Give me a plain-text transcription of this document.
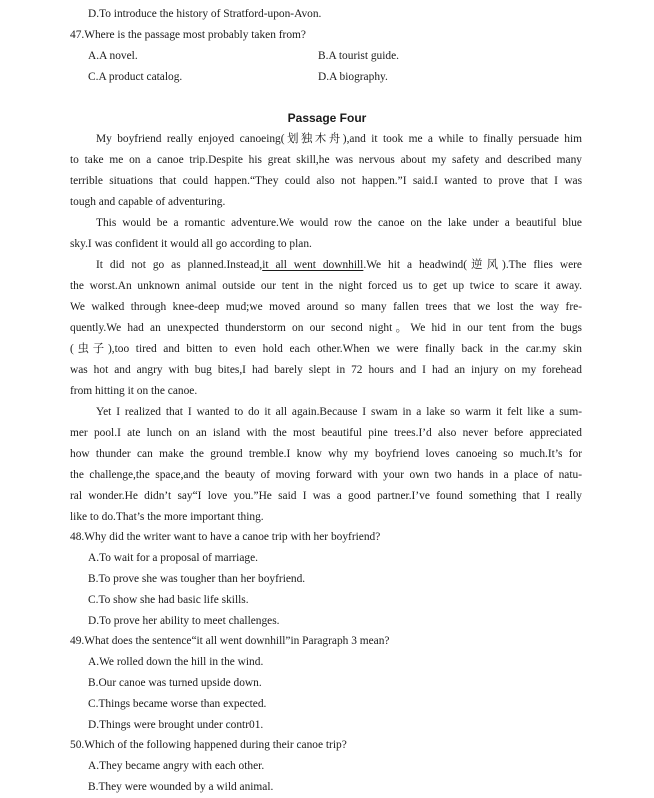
D.To introduce the history of Stratford-upon-Avon.
47.Where is the passage most probably taken from?
A.A novel.	B.A tourist guide.
C.A product catalog.	D.A biography.
Passage Four
My boyfriend really enjoyed canoeing(划独木舟),and it took me a while to finally persuade him
to take me on a canoe trip.Despite his great skill,he was nervous about my safety and described many
terrible situations that could happen.“They could also not happen.”I said.I wanted to prove that I was
tough and capable of adventuring.
This would be a romantic adventure.We would row the canoe on the lake under a beautiful blue
sky.I was confident it would all go according to plan.
It did not go as planned.Instead,it all went downhill.We hit a headwind(逆风).The flies were
the worst.An unknown animal outside our tent in the night forced us to get up twice to scare it away.
We walked through knee-deep mud;we moved around so many fallen trees that we lost the way fre-
quently.We had an unexpected thunderstorm on our second night。We hid in our tent from the bugs
(虫子),too tired and bitten to even hold each other.When we were finally back in the car.my skin
was hot and angry with bug bites,I had barely slept in 72 hours and I had an injury on my forehead
from hitting it on the canoe.
Yet I realized that I wanted to do it all again.Because I swam in a lake so warm it felt like a sum-
mer pool.I ate lunch on an island with the most beautiful pine trees.I’d also never before appreciated
how thunder can make the ground tremble.I know why my boyfriend loves canoeing so much.It’s for
the challenge,the space,and the beauty of moving forward with your own two hands in a place of natu-
ral wonder.He didn’t say“I love you.”He said I was a good partner.I’ve found something that I really
like to do.That’s the more important thing.
48.Why did the writer want to have a canoe trip with her boyfriend?
A.To wait for a proposal of marriage.
B.To prove she was tougher than her boyfriend.
C.To show she had basic life skills.
D.To prove her ability to meet challenges.
49.What does the sentence“it all went downhill”in Paragraph 3 mean?
A.We rolled down the hill in the wind.
B.Our canoe was turned upside down.
C.Things became worse than expected.
D.Things were brought under contr01.
50.Which of the following happened during their canoe trip?
A.They became angry with each other.
B.They were wounded by a wild animal.
